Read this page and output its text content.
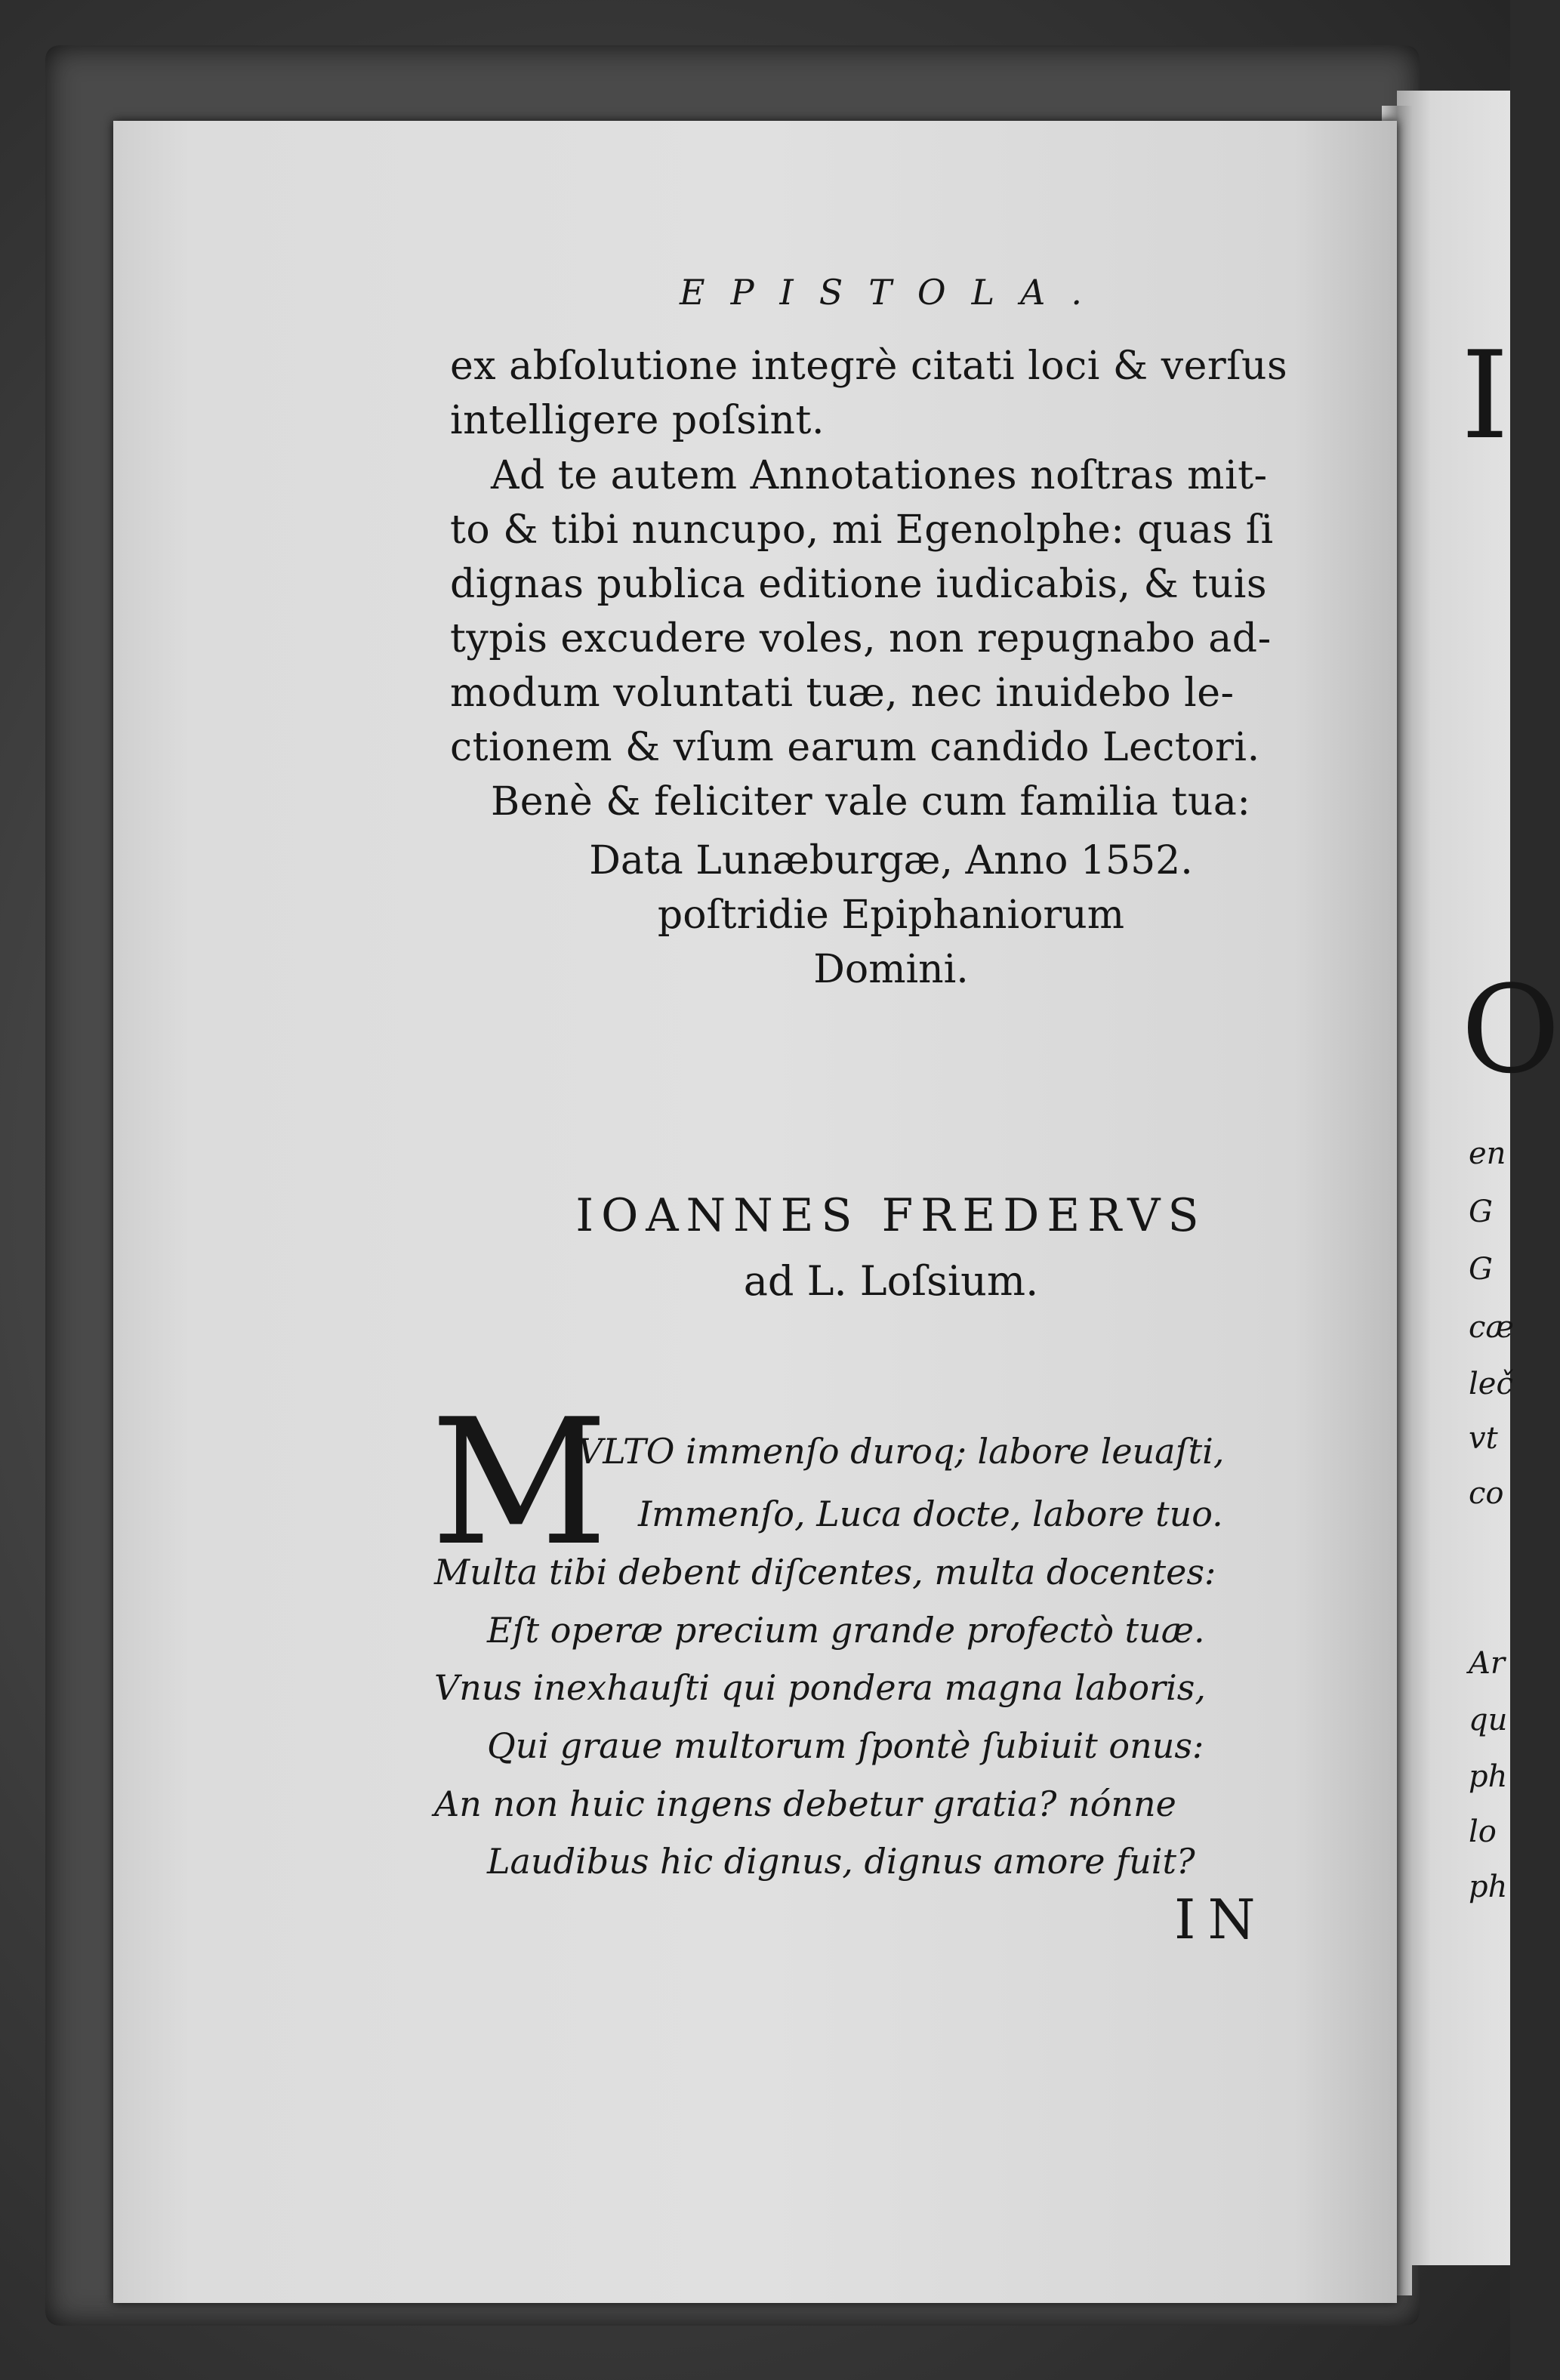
EPISTOLA.
ex abſolutione integrè citati loci & verſus
intelligere poſsint.
Ad te autem Annotationes noſtras mit-
to & tibi nuncupo, mi Egenolphe: quas ſi
dignas publica editione iudicabis, & tuis
typis excudere voles, non repugnabo ad-
modum voluntati tuæ, nec inuidebo le-
ctionem & vſum earum candido Lectori.
Benè & feliciter vale cum familia tua:
Data Lunæburgæ, Anno 1552.
poſtridie Epiphaniorum
Domini.
IOANNES FREDERVS
ad L. Loſsium.
M
VLTO immenſo duroq; labore leuaſti,
Immenſo, Luca docte, labore tuo.
Multa tibi debent diſcentes, multa docentes:
Eſt operæ precium grande profectò tuæ.
Vnus inexhauſti qui pondera magna laboris,
Qui graue multorum ſpontè ſubiuit onus:
An non huic ingens debetur gratia? nónne
Laudibus hic dignus, dignus amore fuit?
IN
I
O
en
G
G
cæ
leč
vt
co
Ar
qu
ph
lo
ph
